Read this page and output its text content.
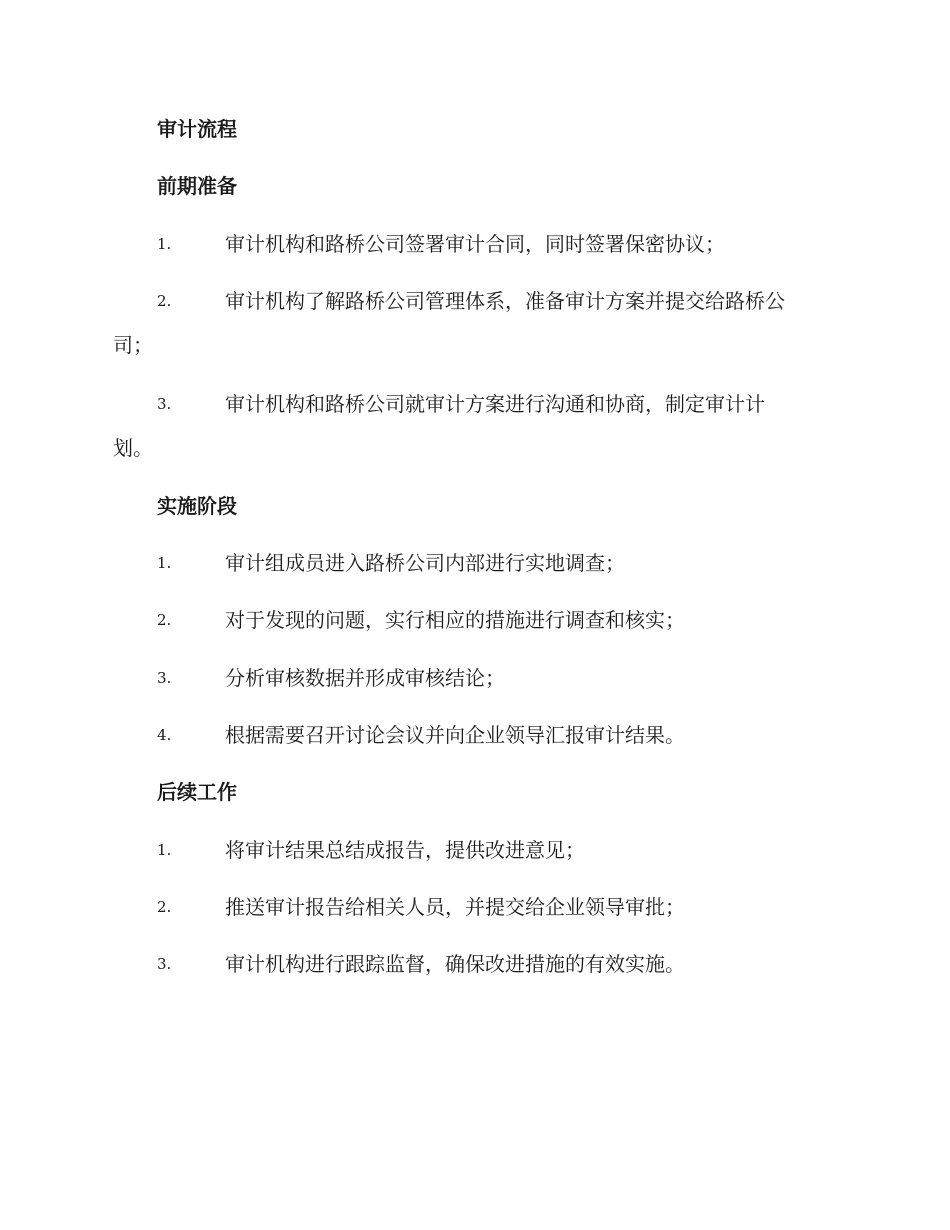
审计流程
前期准备
1.	审计机构和路桥公司签署审计合同，同时签署保密协议；
2.	审计机构了解路桥公司管理体系，准备审计方案并提交给路桥公
司；
3.	审计机构和路桥公司就审计方案进行沟通和协商，制定审计计
划。
实施阶段
1.	审计组成员进入路桥公司内部进行实地调查；
2.	对于发现的问题，实行相应的措施进行调查和核实；
3.	分析审核数据并形成审核结论；
4.	根据需要召开讨论会议并向企业领导汇报审计结果。
后续工作
1.	将审计结果总结成报告，提供改进意见；
2.	推送审计报告给相关人员，并提交给企业领导审批；
3.	审计机构进行跟踪监督，确保改进措施的有效实施。
